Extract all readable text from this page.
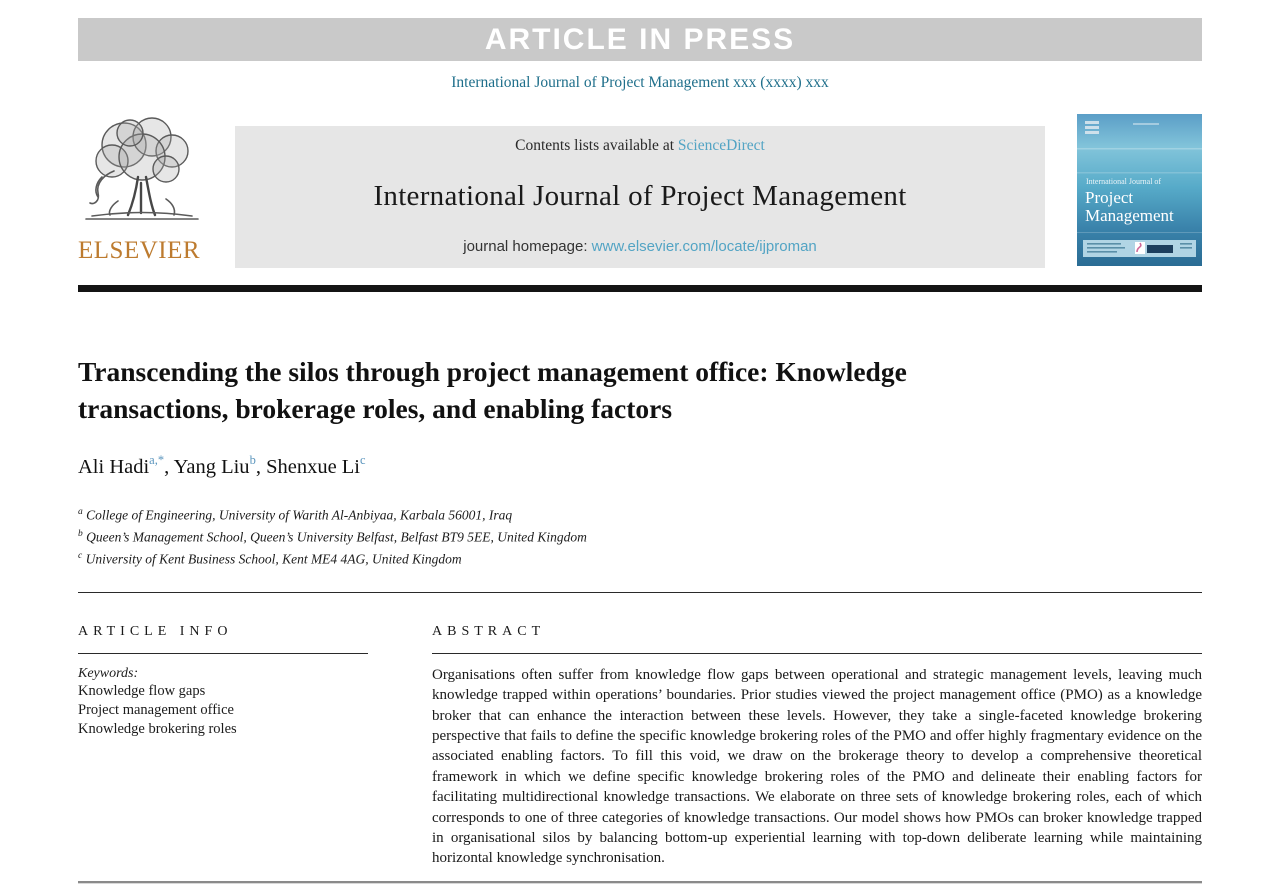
ARTICLE IN PRESS
International Journal of Project Management xxx (xxxx) xxx
ELSEVIER
Contents lists available at ScienceDirect
International Journal of Project Management
journal homepage: www.elsevier.com/locate/ijproman
International Journal of
Project
Management
Transcending the silos through project management office: Knowledge transactions, brokerage roles, and enabling factors
Ali Hadi$^{a,*}$, Yang Liu$^b$, Shenxue Li$^c$
$^a$ College of Engineering, University of Warith Al-Anbiyaa, Karbala 56001, Iraq
$^b$ Queen’s Management School, Queen’s University Belfast, Belfast BT9 5EE, United Kingdom
$^c$ University of Kent Business School, Kent ME4 4AG, United Kingdom
ARTICLE INFO
Keywords:
Knowledge flow gaps
Project management office
Knowledge brokering roles
ABSTRACT
Organisations often suffer from knowledge flow gaps between operational and strategic management levels, leaving much knowledge trapped within operations’ boundaries. Prior studies viewed the project management office (PMO) as a knowledge broker that can enhance the interaction between these levels. However, they take a single-faceted knowledge brokering perspective that fails to define the specific knowledge brokering roles of the PMO and offer highly fragmentary evidence on the associated enabling factors. To fill this void, we draw on the brokerage theory to develop a comprehensive theoretical framework in which we define specific knowledge brokering roles of the PMO and delineate their enabling factors for facilitating multidirectional knowledge transactions. We elaborate on three sets of knowledge brokering roles, each of which corresponds to one of three categories of knowledge transactions. Our model shows how PMOs can broker knowledge trapped in organisational silos by balancing bottom-up experiential learning with top-down deliberate learning while maintaining horizontal knowledge synchronisation.
